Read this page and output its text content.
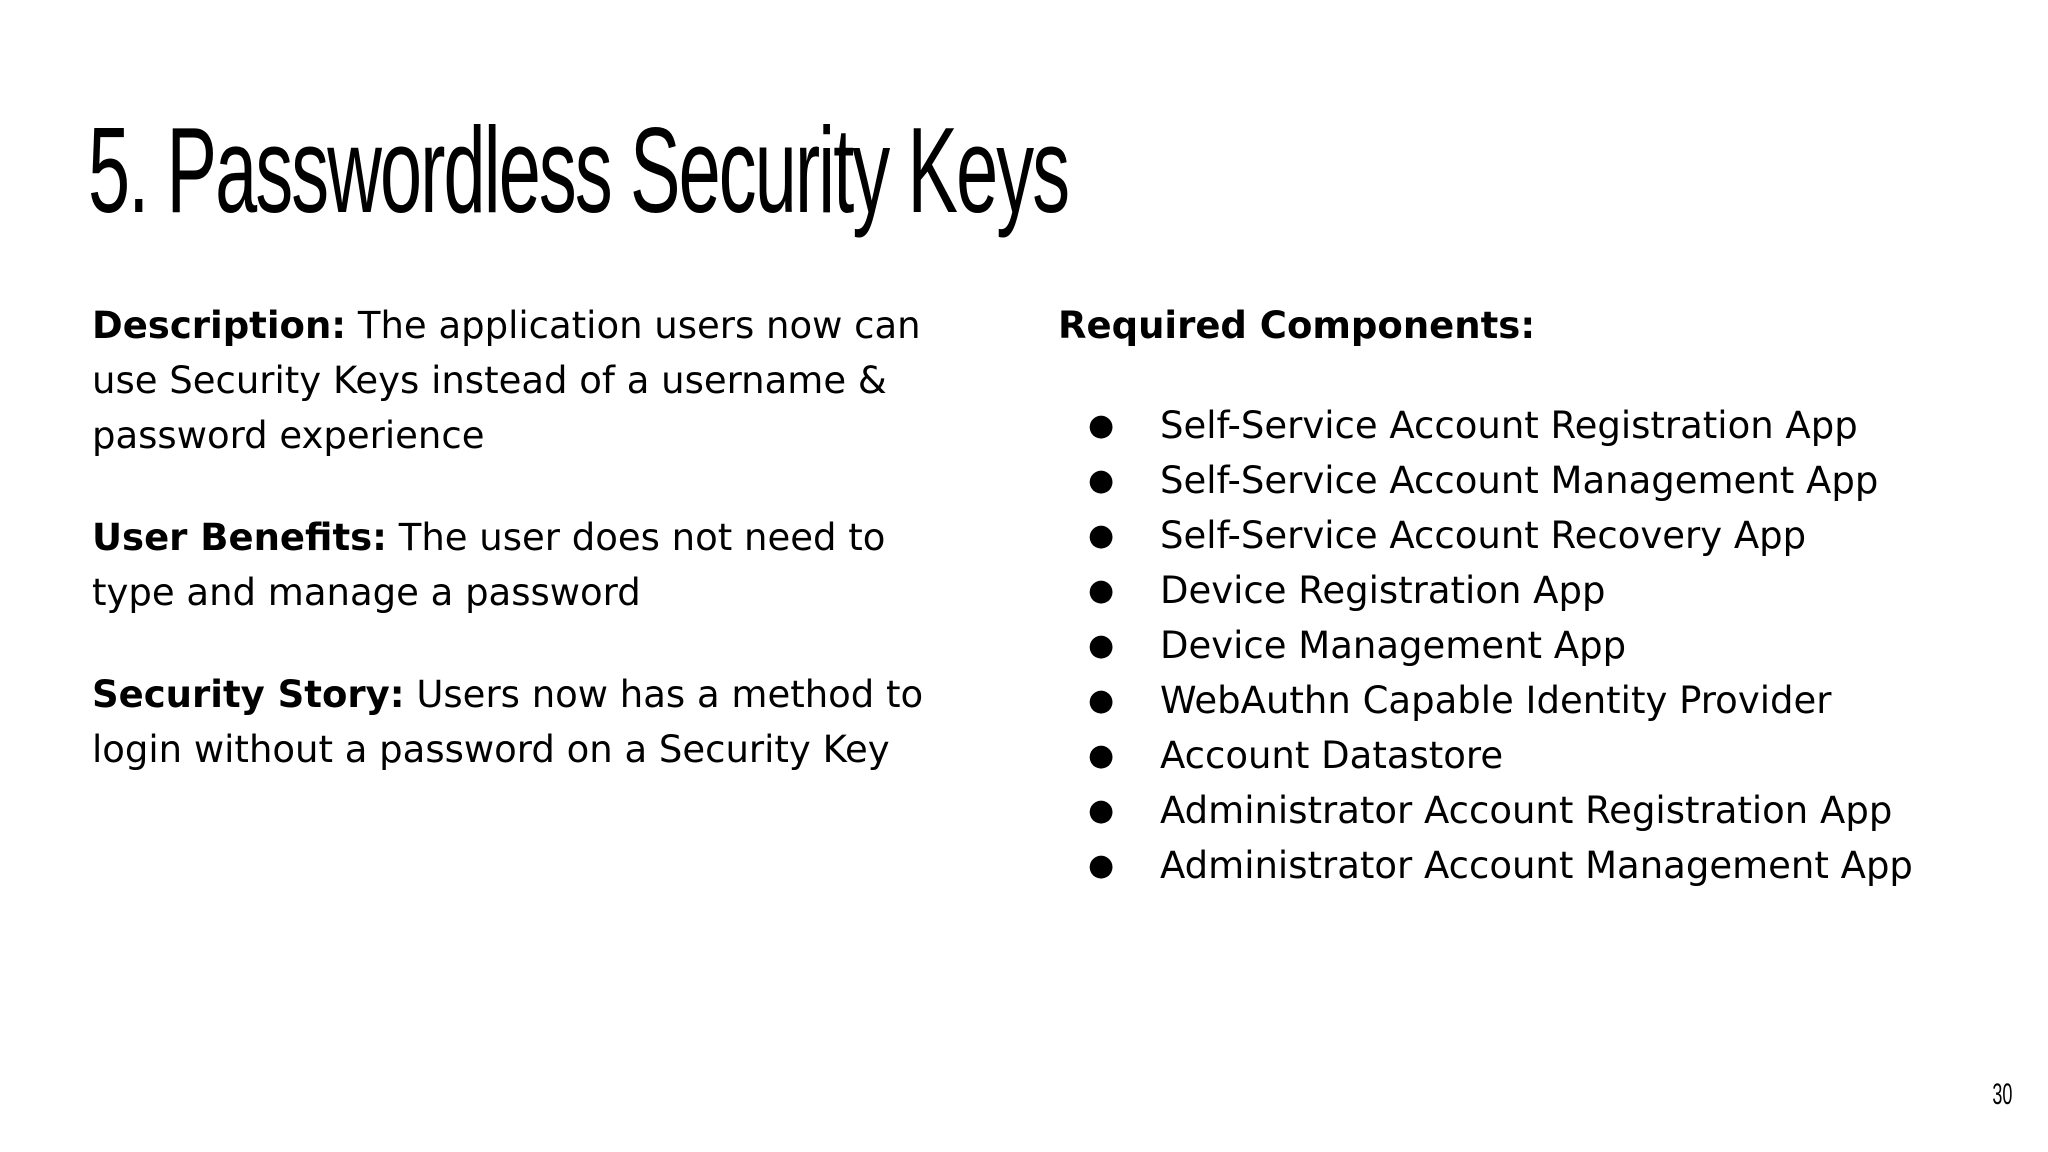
5. Passwordless Security Keys

Description: The application users now can use Security Keys instead of a username & password experience

User Benefits: The user does not need to type and manage a password

Security Story: Users now has a method to login without a password on a Security Key

Required Components:

● Self-Service Account Registration App
● Self-Service Account Management App
● Self-Service Account Recovery App
● Device Registration App
● Device Management App
● WebAuthn Capable Identity Provider
● Account Datastore
● Administrator Account Registration App
● Administrator Account Management App
30
